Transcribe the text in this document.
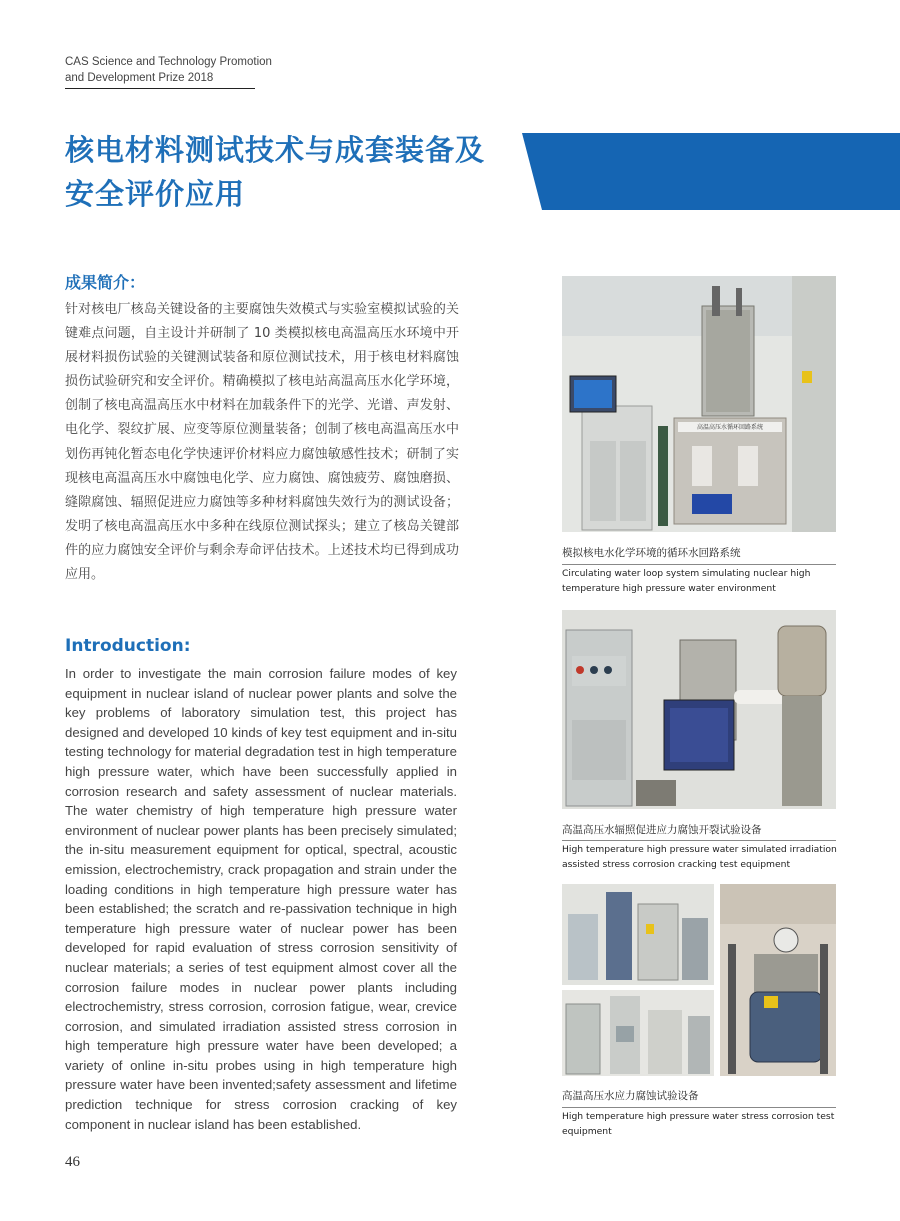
CAS Science and Technology Promotion
and Development Prize 2018
核电材料测试技术与成套装备及
安全评价应用
成果简介：
针对核电厂核岛关键设备的主要腐蚀失效模式与实验室模拟试验的关键难点问题，自主设计并研制了 10 类模拟核电高温高压水环境中开展材料损伤试验的关键测试装备和原位测试技术，用于核电材料腐蚀损伤试验研究和安全评价。精确模拟了核电站高温高压水化学环境，创制了核电高温高压水中材料在加载条件下的光学、光谱、声发射、电化学、裂纹扩展、应变等原位测量装备；创制了核电高温高压水中划伤再钝化暂态电化学快速评价材料应力腐蚀敏感性技术；研制了实现核电高温高压水中腐蚀电化学、应力腐蚀、腐蚀疲劳、腐蚀磨损、缝隙腐蚀、辐照促进应力腐蚀等多种材料腐蚀失效行为的测试设备；发明了核电高温高压水中多种在线原位测试探头；建立了核岛关键部件的应力腐蚀安全评价与剩余寿命评估技术。上述技术均已得到成功应用。
Introduction:
In order to investigate the main corrosion failure modes of key equipment in nuclear island of nuclear power plants and solve the key problems of laboratory simulation test, this project has designed and developed 10 kinds of key test equipment and in-situ testing technology for material degradation test in high temperature high pressure water, which have been successfully applied in corrosion research and safety assessment of nuclear materials. The water chemistry of high temperature high pressure water environment of nuclear power plants has been precisely simulated; the in-situ measurement equipment for optical, spectral, acoustic emission, electrochemistry, crack propagation and strain under the loading conditions in high temperature high pressure water has been established; the scratch and re-passivation technique in high temperature high pressure water of nuclear power has been developed for rapid evaluation of stress corrosion sensitivity of nuclear materials; a series of test equipment almost cover all the corrosion failure modes in nuclear power plants including electrochemistry, stress corrosion, corrosion fatigue, wear, crevice corrosion, and simulated irradiation assisted stress corrosion in high temperature high pressure water have been developed; a variety of online in-situ probes using in high temperature high pressure water have been invented;safety assessment and lifetime prediction technique for stress corrosion cracking of key component in nuclear island has been established.
46
高温高压水循环回路系统
模拟核电水化学环境的循环水回路系统
Circulating water loop system simulating nuclear high temperature high pressure water environment
高温高压水辐照促进应力腐蚀开裂试验设备
High temperature high pressure water simulated irradiation assisted stress corrosion cracking test equipment
高温高压水应力腐蚀试验设备
High temperature high pressure water stress corrosion test equipment
